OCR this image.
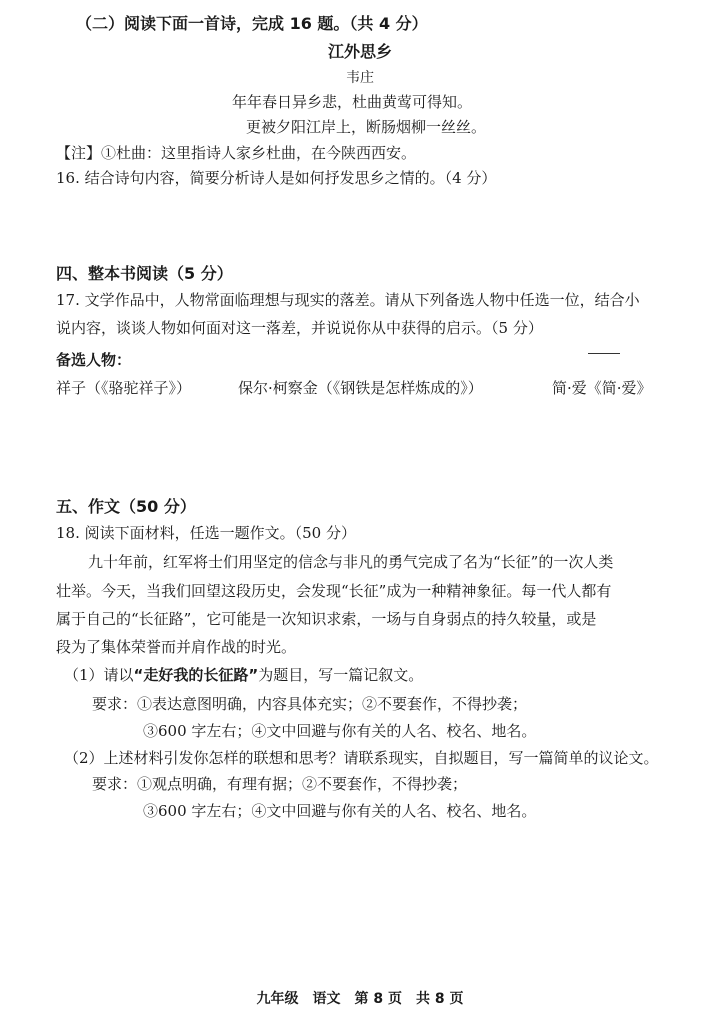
（二）阅读下面一首诗，完成 16 题。（共 4 分）
江外思乡
韦庄
年年春日异乡悲，杜曲黄莺可得知。
更被夕阳江岸上，断肠烟柳一丝丝。
【注】①杜曲：这里指诗人家乡杜曲，在今陕西西安。
16. 结合诗句内容，简要分析诗人是如何抒发思乡之情的。（4 分）
四、整本书阅读（5 分）
17. 文学作品中，人物常面临理想与现实的落差。请从下列备选人物中任选一位，结合小
说内容，谈谈人物如何面对这一落差，并说说你从中获得的启示。（5 分）
备选人物：
祥子（《骆驼祥子》）	保尔·柯察金（《钢铁是怎样炼成的》）	简·爱《简·爱》
五、作文（50 分）
18. 阅读下面材料，任选一题作文。（50 分）
九十年前，红军将士们用坚定的信念与非凡的勇气完成了名为“长征”的一次人类
壮举。今天，当我们回望这段历史，会发现“长征”成为一种精神象征。每一代人都有
属于自己的“长征路”，它可能是一次知识求索，一场与自身弱点的持久较量，或是
段为了集体荣誉而并肩作战的时光。
（1）请以“走好我的长征路”为题目，写一篇记叙文。
要求：①表达意图明确，内容具体充实；②不要套作，不得抄袭；
③600 字左右；④文中回避与你有关的人名、校名、地名。
（2）上述材料引发你怎样的联想和思考？请联系现实，自拟题目，写一篇简单的议论文。
要求：①观点明确，有理有据；②不要套作，不得抄袭；
③600 字左右；④文中回避与你有关的人名、校名、地名。
九年级　语文　第 8 页　共 8 页
